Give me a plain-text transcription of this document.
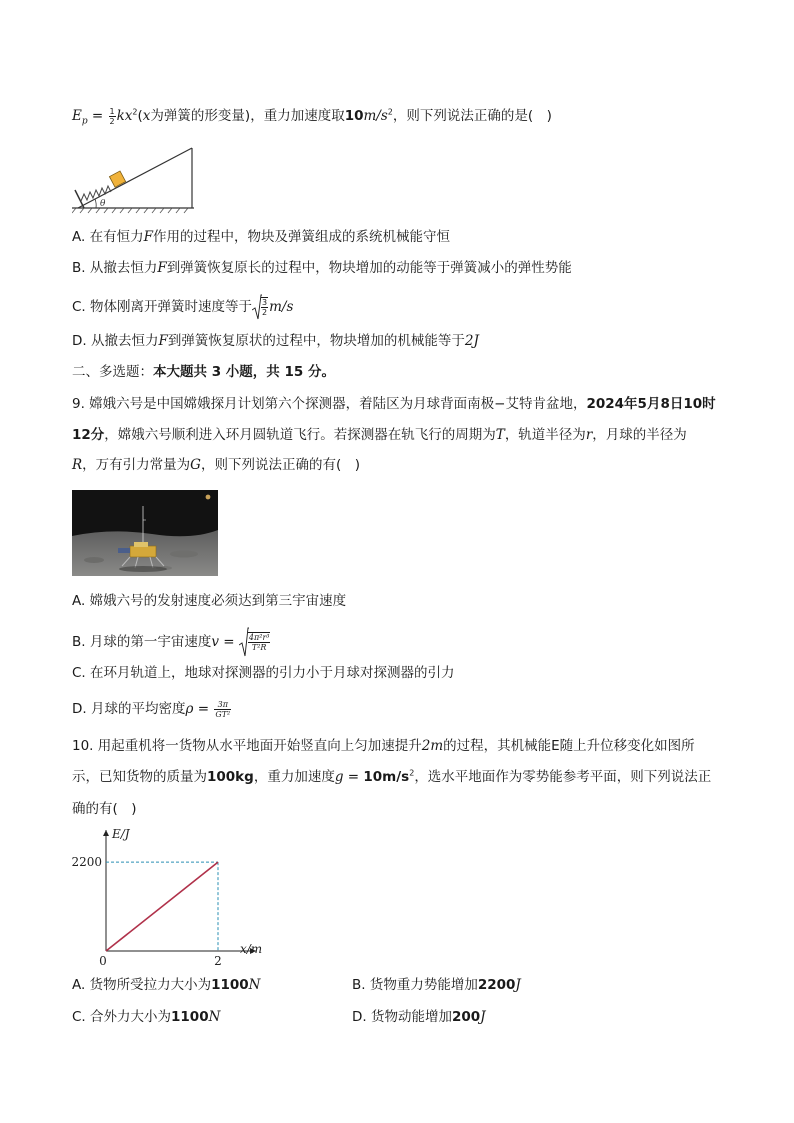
$E_p = \frac{1}{2} kx^2(x$为弹簧的形变量)，重力加速度取$10m/s^2$，则下列说法正确的是(　)
θ
A. 在有恒力F作用的过程中，物块及弹簧组成的系统机械能守恒
B. 从撤去恒力F到弹簧恢复原长的过程中，物块增加的动能等于弹簧减小的弹性势能
C. 物体刚离开弹簧时速度等于 $\frac{3}{2} m/s$
D. 从撤去恒力F到弹簧恢复原状的过程中，物块增加的机械能等于2J
二、多选题：本大题共 3 小题，共 15 分。
9. 嫦娥六号是中国嫦娥探月计划第六个探测器，着陆区为月球背面南极−艾特肯盆地，2024年5月8日10时
12分，嫦娥六号顺利进入环月圆轨道飞行。若探测器在轨飞行的周期为T，轨道半径为r，月球的半径为
R，万有引力常量为G，则下列说法正确的有(　)
A. 嫦娥六号的发射速度必须达到第三宇宙速度
B. 月球的第一宇宙速度$v = \frac{\text{4π²r³}}{\text{T²R}}$
C. 在环月轨道上，地球对探测器的引力小于月球对探测器的引力
D. 月球的平均密度$\rho = \frac{3\pi}{\text{GT²}}$
10. 用起重机将一货物从水平地面开始竖直向上匀加速提升2m的过程，其机械能E随上升位移变化如图所
示，已知货物的质量为100kg，重力加速度$g = 10m/s^2$，选水平地面作为零势能参考平面，则下列说法正
确的有(　)
E/J
x/m
0	2
2200
A. 货物所受拉力大小为1100N	B. 货物重力势能增加2200J
C. 合外力大小为1100N	D. 货物动能增加200J
